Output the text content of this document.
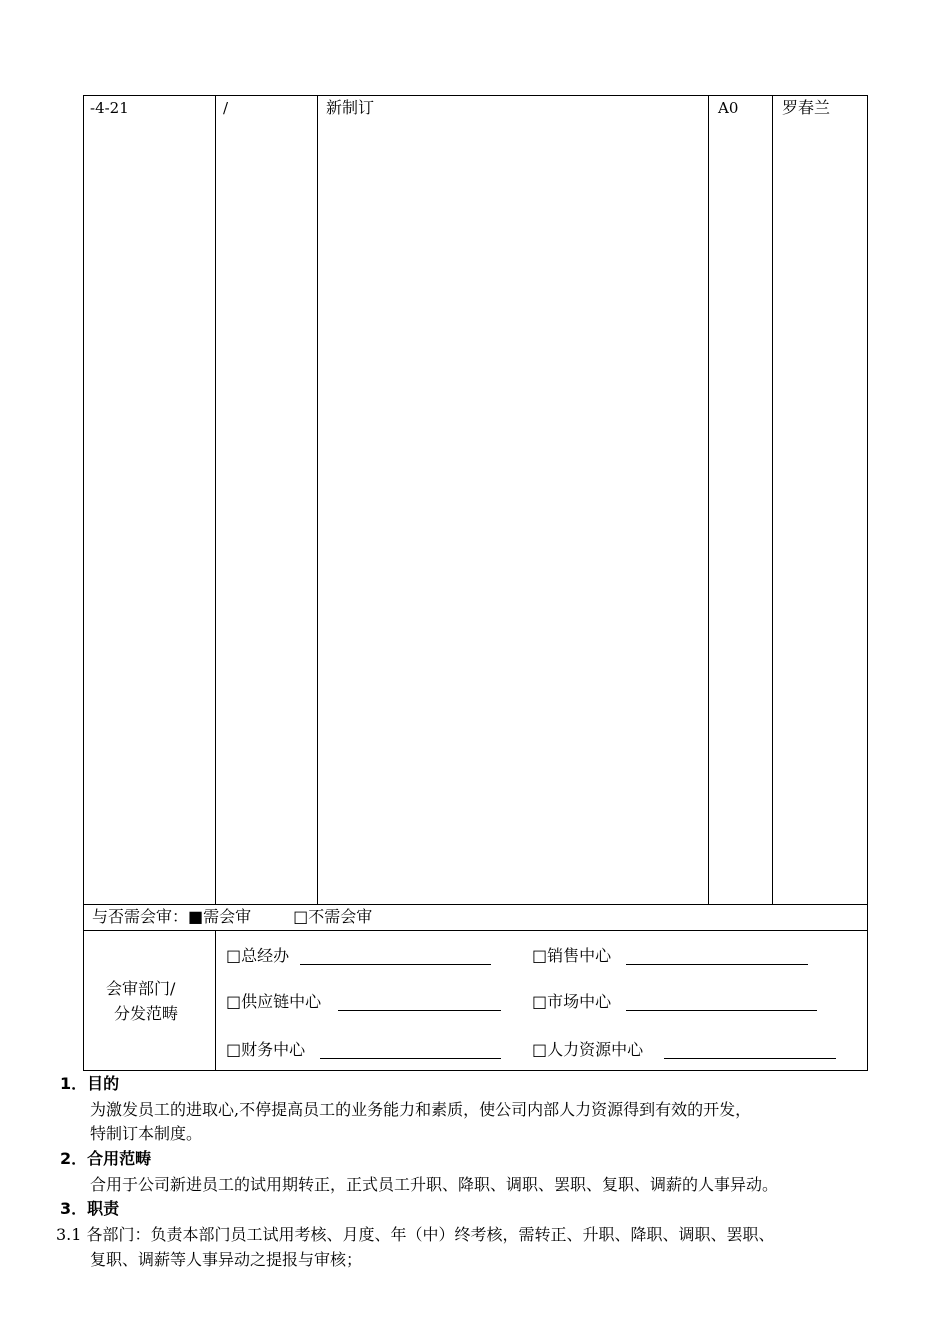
-4-21	/	新制订	A0	罗春兰
与否需会审：■需会审	□不需会审
会审部门/
分发范畴
□总经办	□销售中心
□供应链中心	□市场中心
□财务中心	□人力资源中心
1．目的
为激发员工的进取心,不停提高员工的业务能力和素质，使公司内部人力资源得到有效的开发，
特制订本制度。
2．合用范畴
合用于公司新进员工的试用期转正，正式员工升职、降职、调职、罢职、复职、调薪的人事异动。
3．职责
3.1 各部门：负责本部门员工试用考核、月度、年（中）终考核，需转正、升职、降职、调职、罢职、
复职、调薪等人事异动之提报与审核；
